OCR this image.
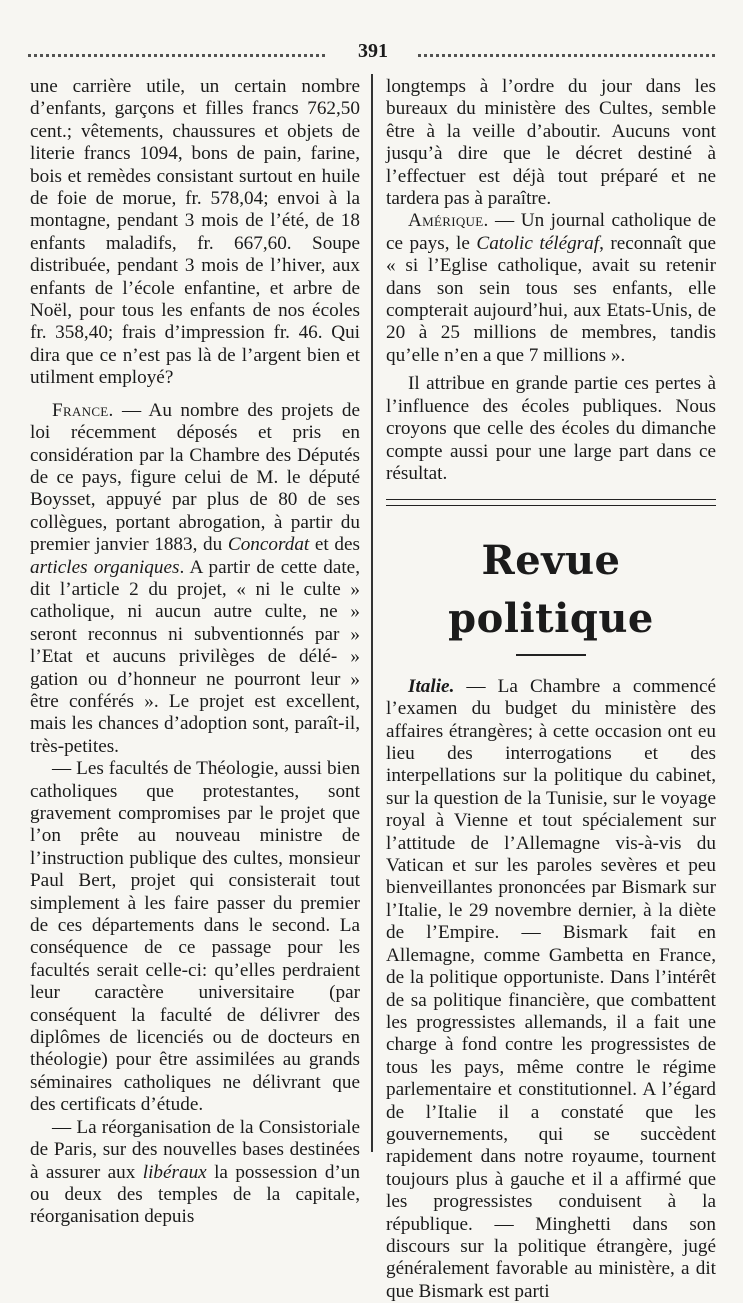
391

une carrière utile, un certain nombre d’enfants, garçons et filles francs 762,50 cent.; vêtements, chaussures et objets de literie francs 1094, bons de pain, farine, bois et remèdes consistant surtout en huile de foie de morue, fr. 578,04; envoi à la montagne, pendant 3 mois de l’été, de 18 enfants maladifs, fr. 667,60. Soupe distribuée, pendant 3 mois de l’hiver, aux enfants de l’école enfantine, et arbre de Noël, pour tous les enfants de nos écoles fr. 358,40; frais d’impression fr. 46. Qui dira que ce n’est pas là de l’argent bien et utilment employé?

France. — Au nombre des projets de loi récemment déposés et pris en considération par la Chambre des Députés de ce pays, figure celui de M. le député Boysset, appuyé par plus de 80 de ses collègues, portant abrogation, à partir du premier janvier 1883, du Concordat et des articles organiques. A partir de cette date, dit l’article 2 du projet, « ni le culte » catholique, ni aucun autre culte, ne » seront reconnus ni subventionnés par » l’Etat et aucuns privilèges de délé- » gation ou d’honneur ne pourront leur » être conférés ». Le projet est excellent, mais les chances d’adoption sont, paraît-il, très-petites.

— Les facultés de Théologie, aussi bien catholiques que protestantes, sont gravement compromises par le projet que l’on prête au nouveau ministre de l’instruction publique des cultes, monsieur Paul Bert, projet qui consisterait tout simplement à les faire passer du premier de ces départements dans le second. La conséquence de ce passage pour les facultés serait celle-ci: qu’elles perdraient leur caractère universitaire (par conséquent la faculté de délivrer des diplômes de licenciés ou de docteurs en théologie) pour être assimilées au grands séminaires catholiques ne délivrant que des certificats d’étude.

— La réorganisation de la Consistoriale de Paris, sur des nouvelles bases destinées à assurer aux libéraux la possession d’un ou deux des temples de la capitale, réorganisation depuis

longtemps à l’ordre du jour dans les bureaux du ministère des Cultes, semble être à la veille d’aboutir. Aucuns vont jusqu’à dire que le décret destiné à l’effectuer est déjà tout préparé et ne tardera pas à paraître.

Amérique. — Un journal catholique de ce pays, le Catolic télégraf, reconnaît que « si l’Eglise catholique, avait su retenir dans son sein tous ses enfants, elle compterait aujourd’hui, aux Etats-Unis, de 20 à 25 millions de membres, tandis qu’elle n’en a que 7 millions ».

Il attribue en grande partie ces pertes à l’influence des écoles publiques. Nous croyons que celle des écoles du dimanche compte aussi pour une large part dans ce résultat.

Revue politique

Italie. — La Chambre a commencé l’examen du budget du ministère des affaires étrangères; à cette occasion ont eu lieu des interrogations et des interpellations sur la politique du cabinet, sur la question de la Tunisie, sur le voyage royal à Vienne et tout spécialement sur l’attitude de l’Allemagne vis-à-vis du Vatican et sur les paroles sevères et peu bienveillantes prononcées par Bismark sur l’Italie, le 29 novembre dernier, à la diète de l’Empire. — Bismark fait en Allemagne, comme Gambetta en France, de la politique opportuniste. Dans l’intérêt de sa politique financière, que combattent les progressistes allemands, il a fait une charge à fond contre les progressistes de tous les pays, même contre le régime parlementaire et constitutionnel. A l’égard de l’Italie il a constaté que les gouvernements, qui se succèdent rapidement dans notre royaume, tournent toujours plus à gauche et il a affirmé que les progressistes conduisent à la république. — Minghetti dans son discours sur la politique étrangère, jugé généralement favorable au ministère, a dit que Bismark est parti
